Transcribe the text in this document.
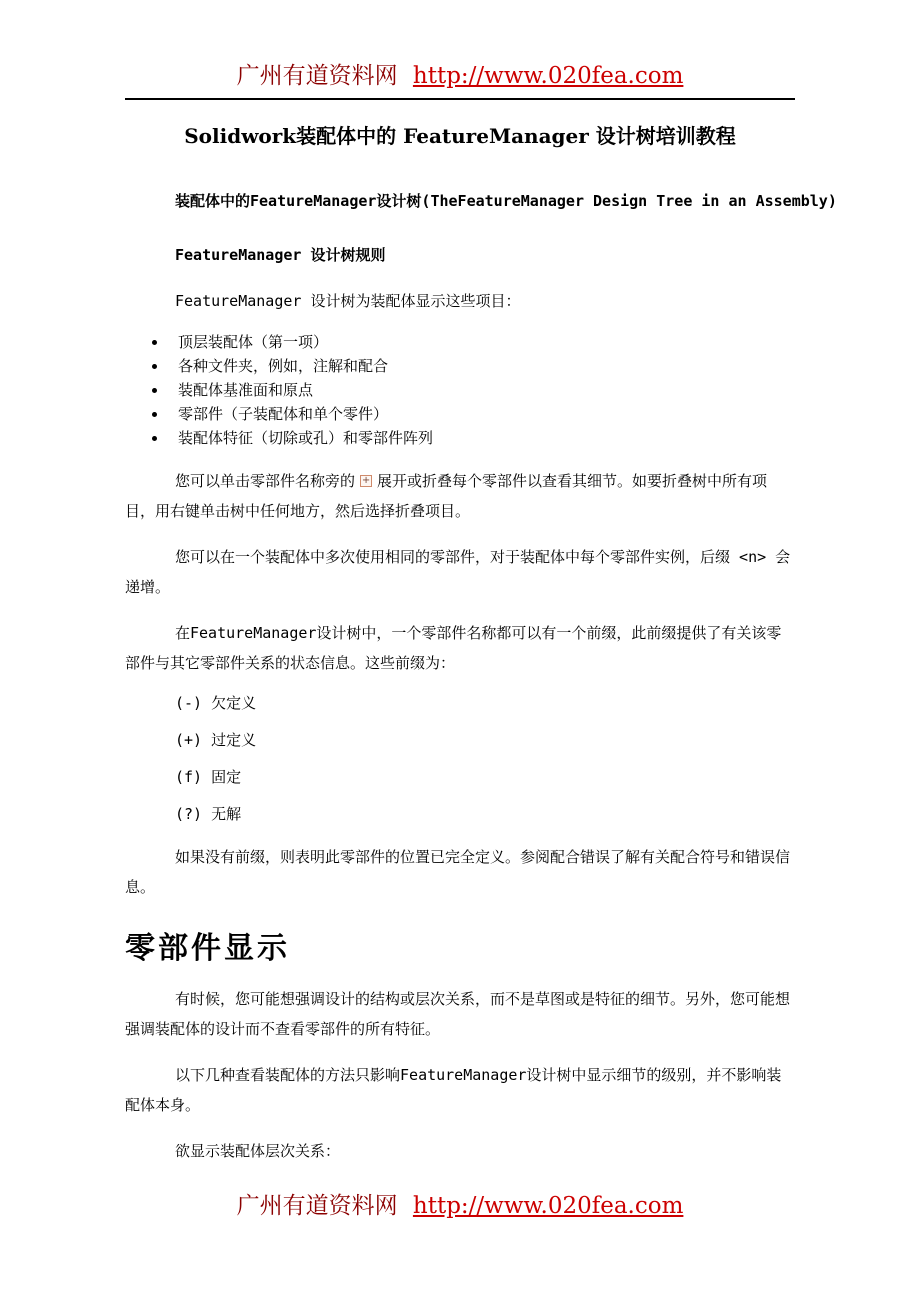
广州有道资料网 http://www.020fea.com
Solidwork装配体中的 FeatureManager 设计树培训教程

装配体中的FeatureManager设计树(TheFeatureManager Design Tree in an Assembly)

FeatureManager 设计树规则

FeatureManager 设计树为装配体显示这些项目：

• 顶层装配体（第一项）
• 各种文件夹，例如，注解和配合
• 装配体基准面和原点
• 零部件（子装配体和单个零件）
• 装配体特征（切除或孔）和零部件阵列

您可以单击零部件名称旁的 + 展开或折叠每个零部件以查看其细节。如要折叠树中所有项目，用右键单击树中任何地方，然后选择折叠项目。

您可以在一个装配体中多次使用相同的零部件，对于装配体中每个零部件实例，后缀 <n> 会递增。

在FeatureManager设计树中，一个零部件名称都可以有一个前缀，此前缀提供了有关该零部件与其它零部件关系的状态信息。这些前缀为：

(-) 欠定义

(+) 过定义

(f) 固定

(?) 无解

如果没有前缀，则表明此零部件的位置已完全定义。参阅配合错误了解有关配合符号和错误信息。

零部件显示

有时候，您可能想强调设计的结构或层次关系，而不是草图或是特征的细节。另外，您可能想强调装配体的设计而不查看零部件的所有特征。

以下几种查看装配体的方法只影响FeatureManager设计树中显示细节的级别，并不影响装配体本身。

欲显示装配体层次关系：

广州有道资料网 http://www.020fea.com
